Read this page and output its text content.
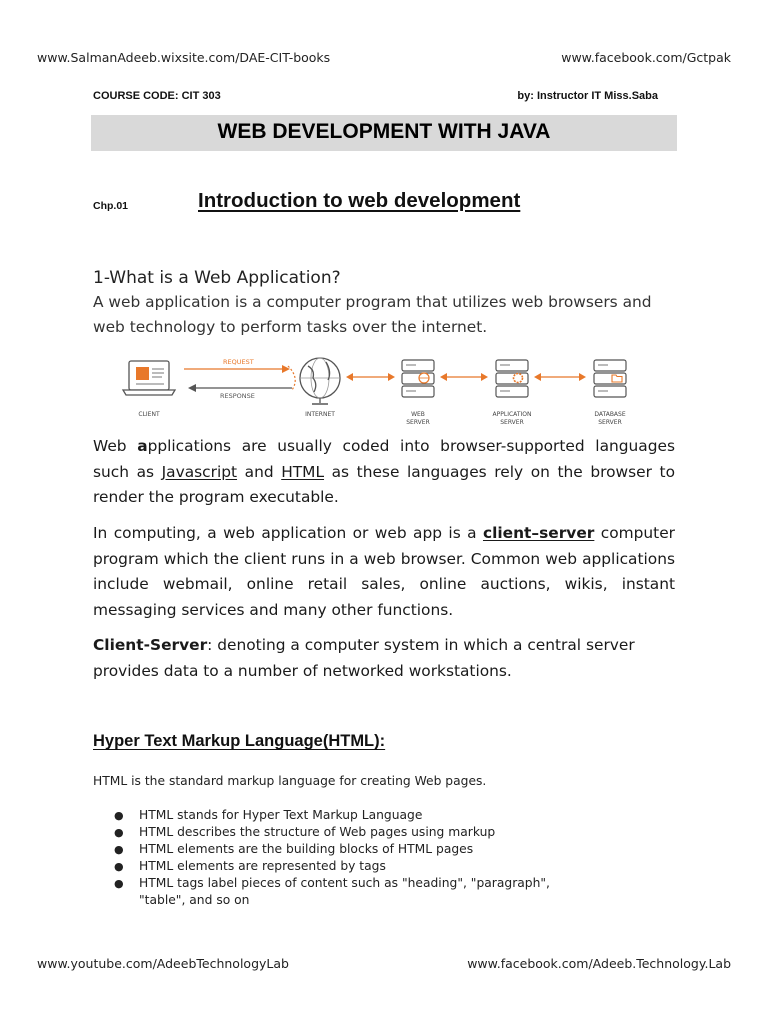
www.SalmanAdeeb.wixsite.com/DAE-CIT-books	www.facebook.com/Gctpak
COURSE CODE: CIT 303	by: Instructor IT Miss.Saba
WEB DEVELOPMENT WITH JAVA
Chp.01	Introduction to web development
1-What is a Web Application?
A web application is a computer program that utilizes web browsers and web technology to perform tasks over the internet.
REQUEST
RESPONSE
CLIENT	INTERNET	WEB
SERVER
APPLICATION
SERVER
DATABASE
SERVER
Web applications are usually coded into browser-supported languages such as Javascript and HTML as these languages rely on the browser to render the program executable.
In computing, a web application or web app is a client–server computer program which the client runs in a web browser. Common web applications include webmail, online retail sales, online auctions, wikis, instant messaging services and many other functions.
Client-Server: denoting a computer system in which a central server provides data to a number of networked workstations.
Hyper Text Markup Language(HTML):
HTML is the standard markup language for creating Web pages.
● HTML stands for Hyper Text Markup Language
● HTML describes the structure of Web pages using markup
● HTML elements are the building blocks of HTML pages
● HTML elements are represented by tags
● HTML tags label pieces of content such as "heading", "paragraph",
"table", and so on
www.youtube.com/AdeebTechnologyLab	www.facebook.com/Adeeb.Technology.Lab
